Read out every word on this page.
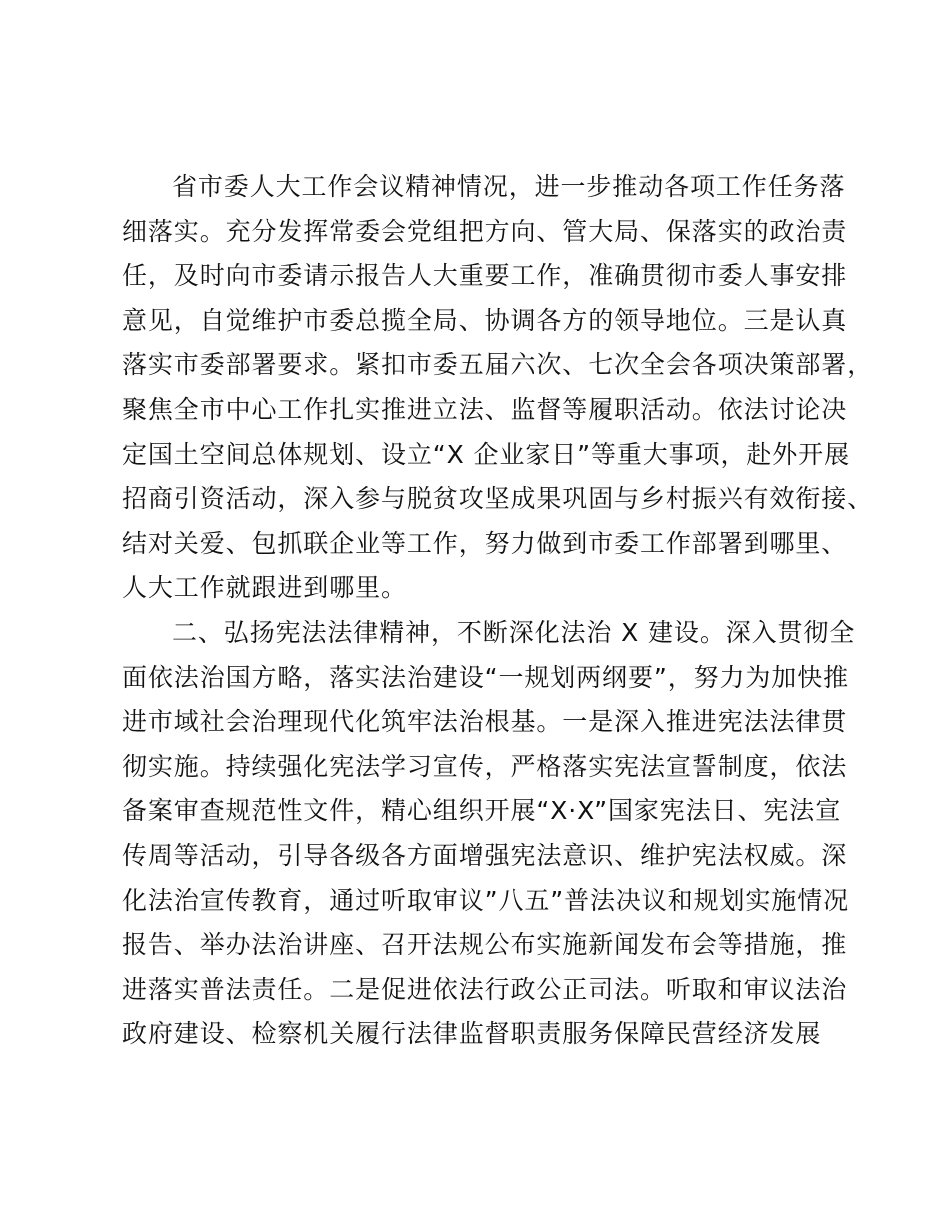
省市委人大工作会议精神情况，进一步推动各项工作任务落
细落实。充分发挥常委会党组把方向、管大局、保落实的政治责
任，及时向市委请示报告人大重要工作，准确贯彻市委人事安排
意见，自觉维护市委总揽全局、协调各方的领导地位。三是认真
落实市委部署要求。紧扣市委五届六次、七次全会各项决策部署，
聚焦全市中心工作扎实推进立法、监督等履职活动。依法讨论决
定国土空间总体规划、设立“X 企业家日”等重大事项，赴外开展
招商引资活动，深入参与脱贫攻坚成果巩固与乡村振兴有效衔接、
结对关爱、包抓联企业等工作，努力做到市委工作部署到哪里、
人大工作就跟进到哪里。
二、弘扬宪法法律精神，不断深化法治 X 建设。深入贯彻全
面依法治国方略，落实法治建设“一规划两纲要”，努力为加快推
进市域社会治理现代化筑牢法治根基。一是深入推进宪法法律贯
彻实施。持续强化宪法学习宣传，严格落实宪法宣誓制度，依法
备案审查规范性文件，精心组织开展“X·X”国家宪法日、宪法宣
传周等活动，引导各级各方面增强宪法意识、维护宪法权威。深
化法治宣传教育，通过听取审议”八五”普法决议和规划实施情况
报告、举办法治讲座、召开法规公布实施新闻发布会等措施，推
进落实普法责任。二是促进依法行政公正司法。听取和审议法治
政府建设、检察机关履行法律监督职责服务保障民营经济发展
